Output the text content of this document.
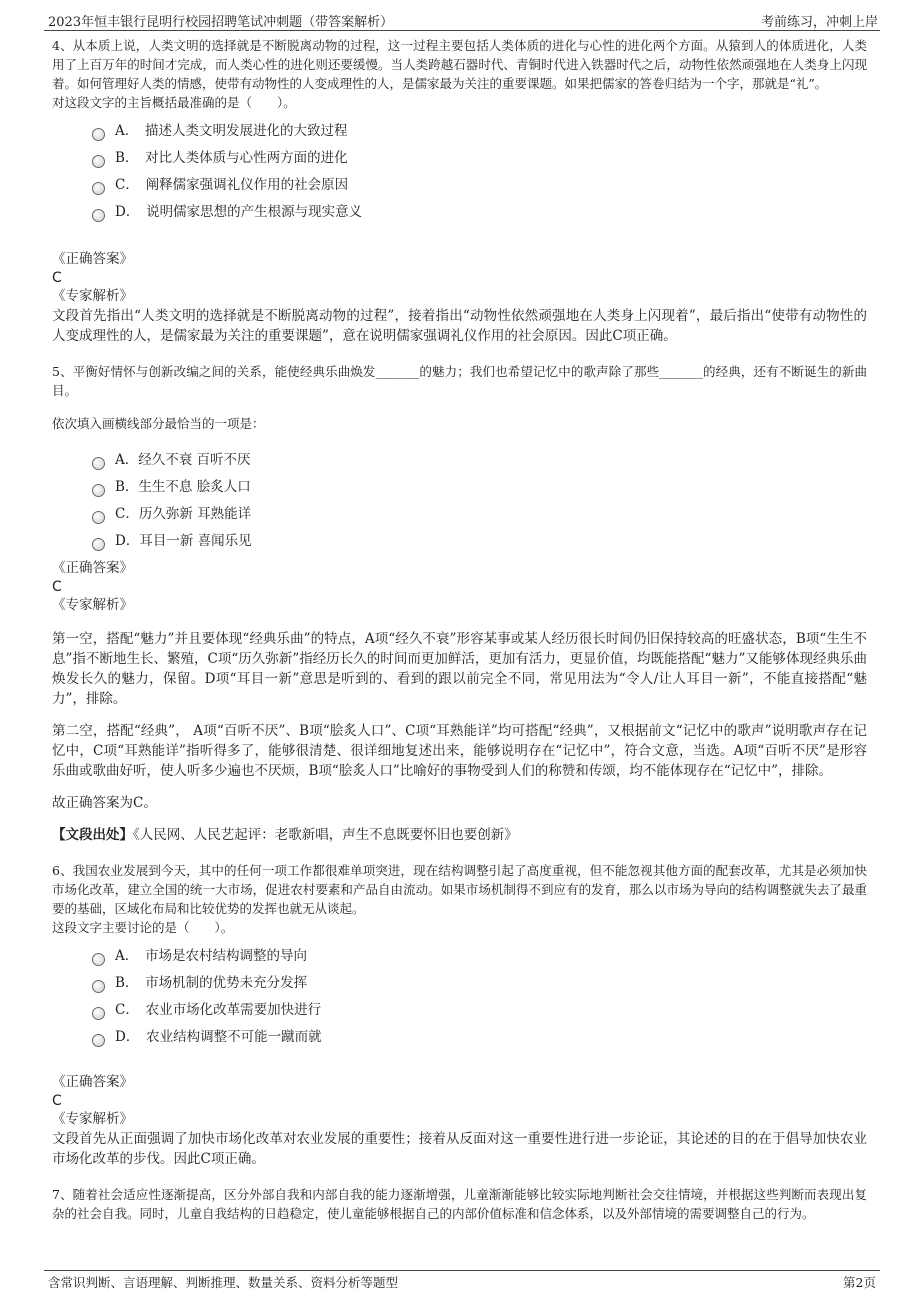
2023年恒丰银行昆明行校园招聘笔试冲刺题（带答案解析）	考前练习，冲刺上岸

4、从本质上说，人类文明的选择就是不断脱离动物的过程，这一过程主要包括人类体质的进化与心性的进化两个方面。从猿到人的体质进化，人类用了上百万年的时间才完成，而人类心性的进化则还要缓慢。当人类跨越石器时代、青铜时代进入铁器时代之后，动物性依然顽强地在人类身上闪现着。如何管理好人类的情感，使带有动物性的人变成理性的人，是儒家最为关注的重要课题。如果把儒家的答卷归结为一个字，那就是“礼”。

对这段文字的主旨概括最准确的是（　　）。

A．　描述人类文明发展进化的大致过程
B．　对比人类体质与心性两方面的进化
C．　阐释儒家强调礼仪作用的社会原因
D．　说明儒家思想的产生根源与现实意义

《正确答案》

C

《专家解析》

文段首先指出“人类文明的选择就是不断脱离动物的过程”，接着指出“动物性依然顽强地在人类身上闪现着”，最后指出“使带有动物性的人变成理性的人，是儒家最为关注的重要课题”，意在说明儒家强调礼仪作用的社会原因。因此C项正确。

5、平衡好情怀与创新改编之间的关系，能使经典乐曲焕发_______的魅力；我们也希望记忆中的歌声除了那些_______的经典，还有不断诞生的新曲目。

依次填入画横线部分最恰当的一项是：

A．经久不衰 百听不厌
B．生生不息 脍炙人口
C．历久弥新 耳熟能详
D．耳目一新 喜闻乐见

《正确答案》

C

《专家解析》

第一空，搭配“魅力”并且要体现“经典乐曲”的特点，A项“经久不衰”形容某事或某人经历很长时间仍旧保持较高的旺盛状态，B项“生生不息”指不断地生长、繁殖，C项“历久弥新”指经历长久的时间而更加鲜活，更加有活力，更显价值，均既能搭配“魅力”又能够体现经典乐曲焕发长久的魅力，保留。D项“耳目一新”意思是听到的、看到的跟以前完全不同，常见用法为“令人/让人耳目一新”，不能直接搭配“魅力”，排除。

第二空，搭配“经典”， A项“百听不厌”、B项“脍炙人口”、C项“耳熟能详”均可搭配“经典”，又根据前文“记忆中的歌声”说明歌声存在记忆中，C项“耳熟能详”指听得多了，能够很清楚、很详细地复述出来，能够说明存在“记忆中”，符合文意，当选。A项“百听不厌”是形容乐曲或歌曲好听，使人听多少遍也不厌烦，B项“脍炙人口”比喻好的事物受到人们的称赞和传颂，均不能体现存在“记忆中”，排除。

故正确答案为C。

【文段出处】《人民网、人民艺起评：老歌新唱，声生不息既要怀旧也要创新》

6、我国农业发展到今天，其中的任何一项工作都很难单项突进，现在结构调整引起了高度重视，但不能忽视其他方面的配套改革，尤其是必须加快市场化改革，建立全国的统一大市场，促进农村要素和产品自由流动。如果市场机制得不到应有的发育，那么以市场为导向的结构调整就失去了最重要的基础，区域化布局和比较优势的发挥也就无从谈起。

这段文字主要讨论的是（　　）。

A．　市场是农村结构调整的导向
B．　市场机制的优势未充分发挥
C．　农业市场化改革需要加快进行
D．　农业结构调整不可能一蹴而就

《正确答案》

C

《专家解析》

文段首先从正面强调了加快市场化改革对农业发展的重要性；接着从反面对这一重要性进行进一步论证，其论述的目的在于倡导加快农业市场化改革的步伐。因此C项正确。

7、随着社会适应性逐渐提高，区分外部自我和内部自我的能力逐渐增强，儿童渐渐能够比较实际地判断社会交往情境，并根据这些判断而表现出复杂的社会自我。同时，儿童自我结构的日趋稳定，使儿童能够根据自己的内部价值标准和信念体系，以及外部情境的需要调整自己的行为。

含常识判断、言语理解、判断推理、数量关系、资料分析等题型	第2页
